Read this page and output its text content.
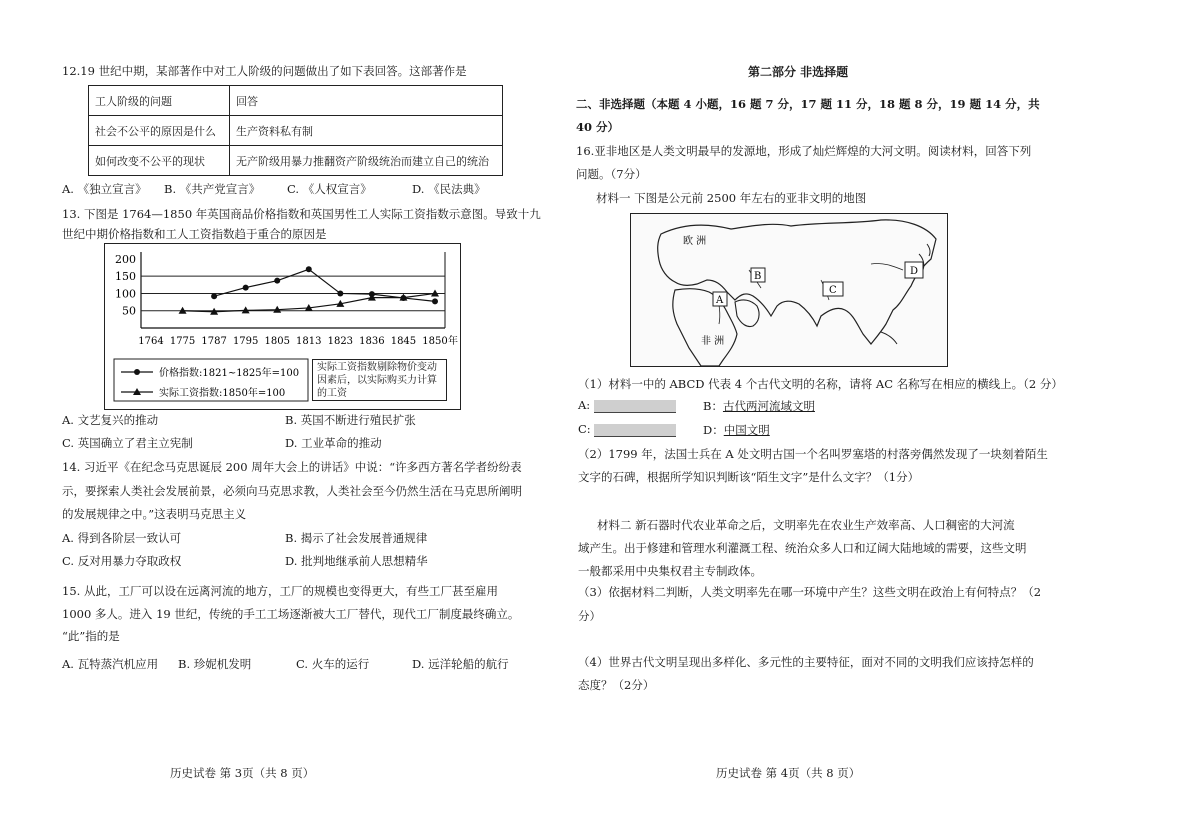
12.19 世纪中期，某部著作中对工人阶级的问题做出了如下表回答。这部著作是
工人阶级的问题	回答
社会不公平的原因是什么	生产资料私有制
如何改变不公平的现状	无产阶级用暴力推翻资产阶级统治而建立自己的统治
A. 《独立宣言》 B. 《共产党宣言》 C. 《人权宣言》	D. 《民法典》
13. 下图是 1764—1850 年英国商品价格指数和英国男性工人实际工资指数示意图。导致十九
世纪中期价格指数和工人工资指数趋于重合的原因是
200
150
100
50
1764 1775 1787 1795 1805 1813 1823 1836 1845 1850 年
价格指数:1821~1825年=100
实际工资指数:1850年=100
实际工资指数剔除物价变动因素后，以实际购买力计算的工资
A. 文艺复兴的推动	B. 英国不断进行殖民扩张
C. 英国确立了君主立宪制	D. 工业革命的推动
14. 习近平《在纪念马克思诞辰 200 周年大会上的讲话》中说：“许多西方著名学者纷纷表
示，要探索人类社会发展前景，必须向马克思求教，人类社会至今仍然生活在马克思所阐明
的发展规律之中。”这表明马克思主义
A. 得到各阶层一致认可	B. 揭示了社会发展普通规律
C. 反对用暴力夺取政权	D. 批判地继承前人思想精华
15. 从此，工厂可以设在远离河流的地方，工厂的规模也变得更大，有些工厂甚至雇用
1000 多人。进入 19 世纪，传统的手工工场逐渐被大工厂替代，现代工厂制度最终确立。
“此”指的是
A. 瓦特蒸汽机应用 B. 珍妮机发明	C. 火车的运行	D. 远洋轮船的航行
历史试卷 第 3页（共 8 页）
第二部分 非选择题
二、非选择题（本题 4 小题，16 题 7 分，17 题 11 分，18 题 8 分，19 题 14 分，共
40 分）
16.亚非地区是人类文明最早的发源地，形成了灿烂辉煌的大河文明。阅读材料，回答下列
问题。（7分）
材料一 下图是公元前 2500 年左右的亚非文明的地图
欧 洲
非 洲
A
B
C
D
（1）材料一中的 ABCD 代表 4 个古代文明的名称，请将 AC 名称写在相应的横线上。（2 分）
A:	B：古代两河流域文明
C:	D：中国文明
（2）1799 年，法国士兵在 A 处文明古国一个名叫罗塞塔的村落旁偶然发现了一块刻着陌生
文字的石碑，根据所学知识判断该“陌生文字”是什么文字？（1分）
材料二 新石器时代农业革命之后，文明率先在农业生产效率高、人口稠密的大河流
域产生。出于修建和管理水利灌溉工程、统治众多人口和辽阔大陆地域的需要，这些文明
一般都采用中央集权君主专制政体。
（3）依据材料二判断，人类文明率先在哪一环境中产生？这些文明在政治上有何特点？（2
分）
（4）世界古代文明呈现出多样化、多元性的主要特征，面对不同的文明我们应该持怎样的
态度？（2分）
历史试卷 第 4页（共 8 页）
